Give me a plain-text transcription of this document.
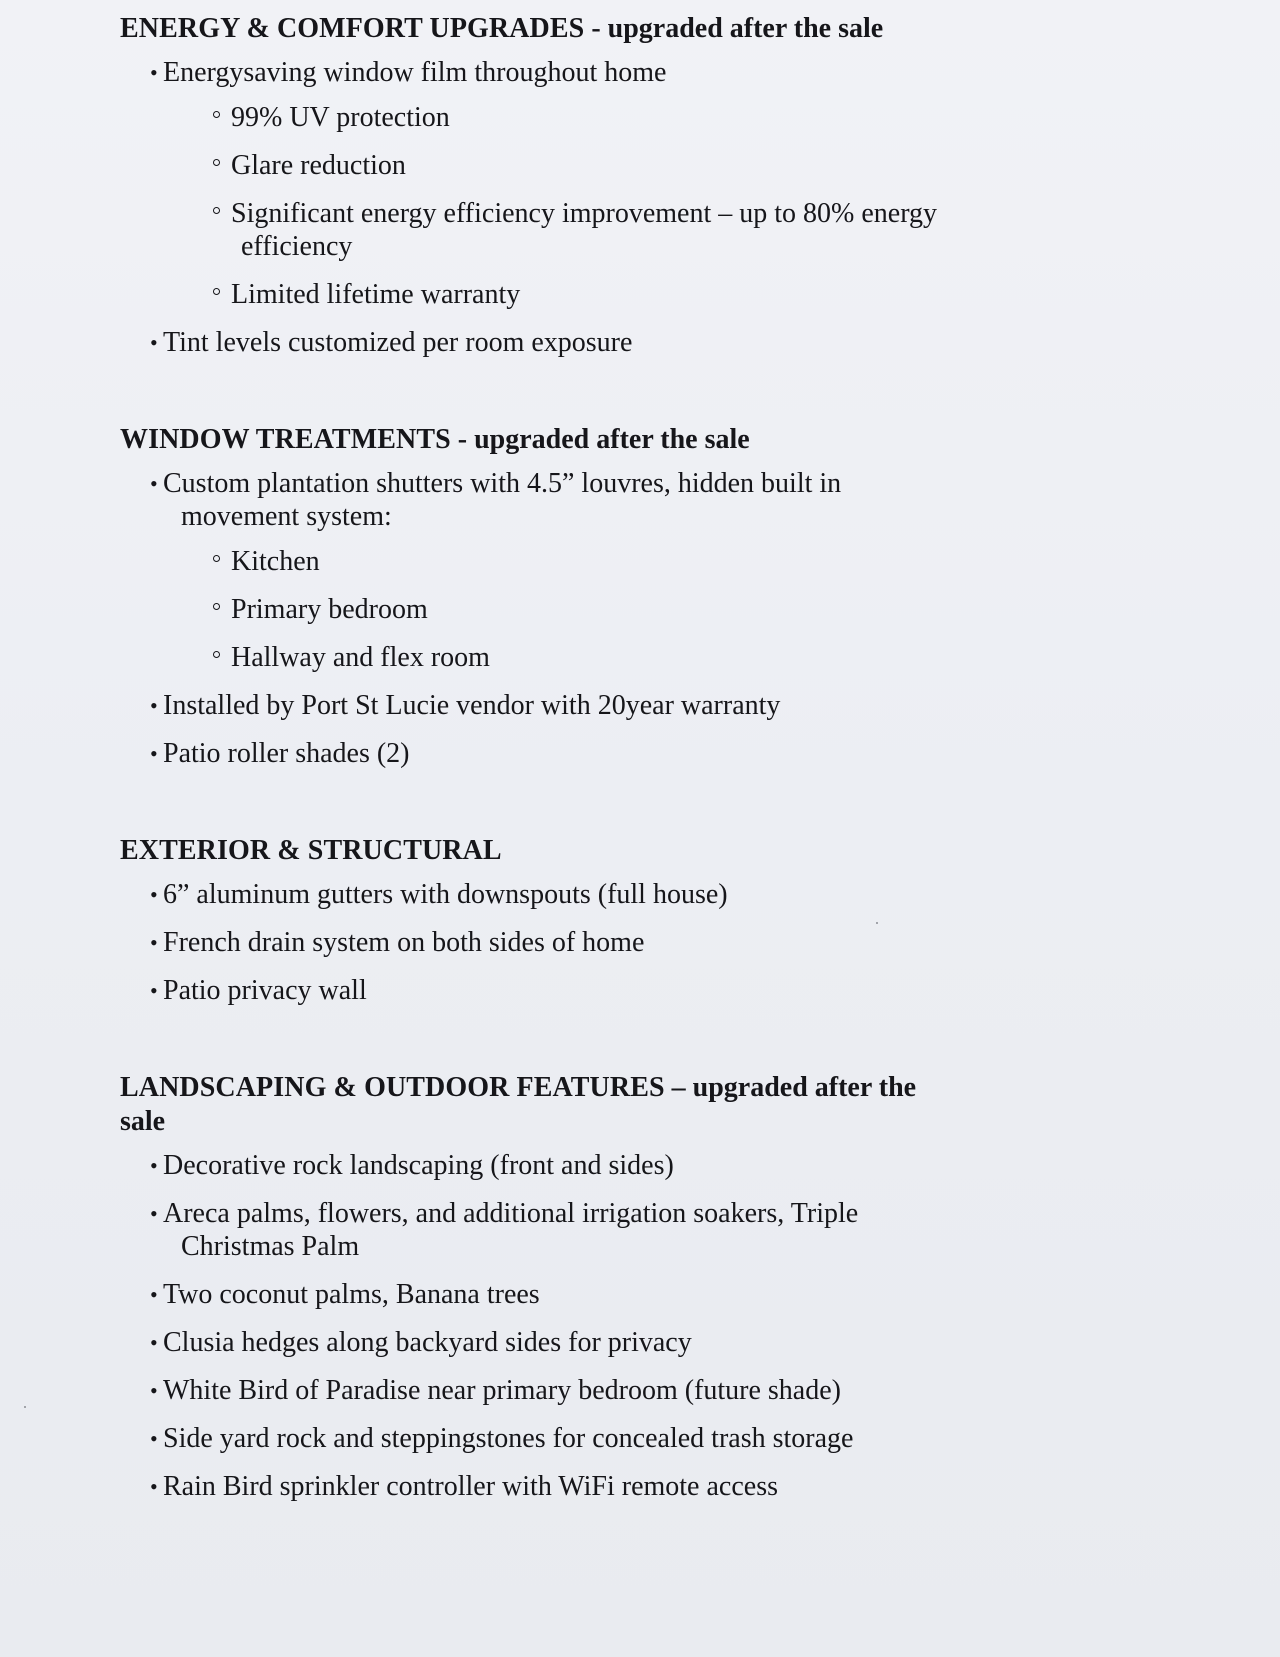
ENERGY & COMFORT UPGRADES - upgraded after the sale
• Energysaving window film throughout home
99% UV protection
Glare reduction
Significant energy efficiency improvement – up to 80% energy efficiency
Limited lifetime warranty
• Tint levels customized per room exposure
WINDOW TREATMENTS - upgraded after the sale
• Custom plantation shutters with 4.5” louvres, hidden built in movement system:
Kitchen
Primary bedroom
Hallway and flex room
• Installed by Port St Lucie vendor with 20year warranty
• Patio roller shades (2)
EXTERIOR & STRUCTURAL
• 6” aluminum gutters with downspouts (full house)
• French drain system on both sides of home
• Patio privacy wall
LANDSCAPING & OUTDOOR FEATURES – upgraded after the sale
• Decorative rock landscaping (front and sides)
• Areca palms, flowers, and additional irrigation soakers, Triple Christmas Palm
• Two coconut palms, Banana trees
• Clusia hedges along backyard sides for privacy
• White Bird of Paradise near primary bedroom (future shade)
• Side yard rock and steppingstones for concealed trash storage
• Rain Bird sprinkler controller with WiFi remote access
